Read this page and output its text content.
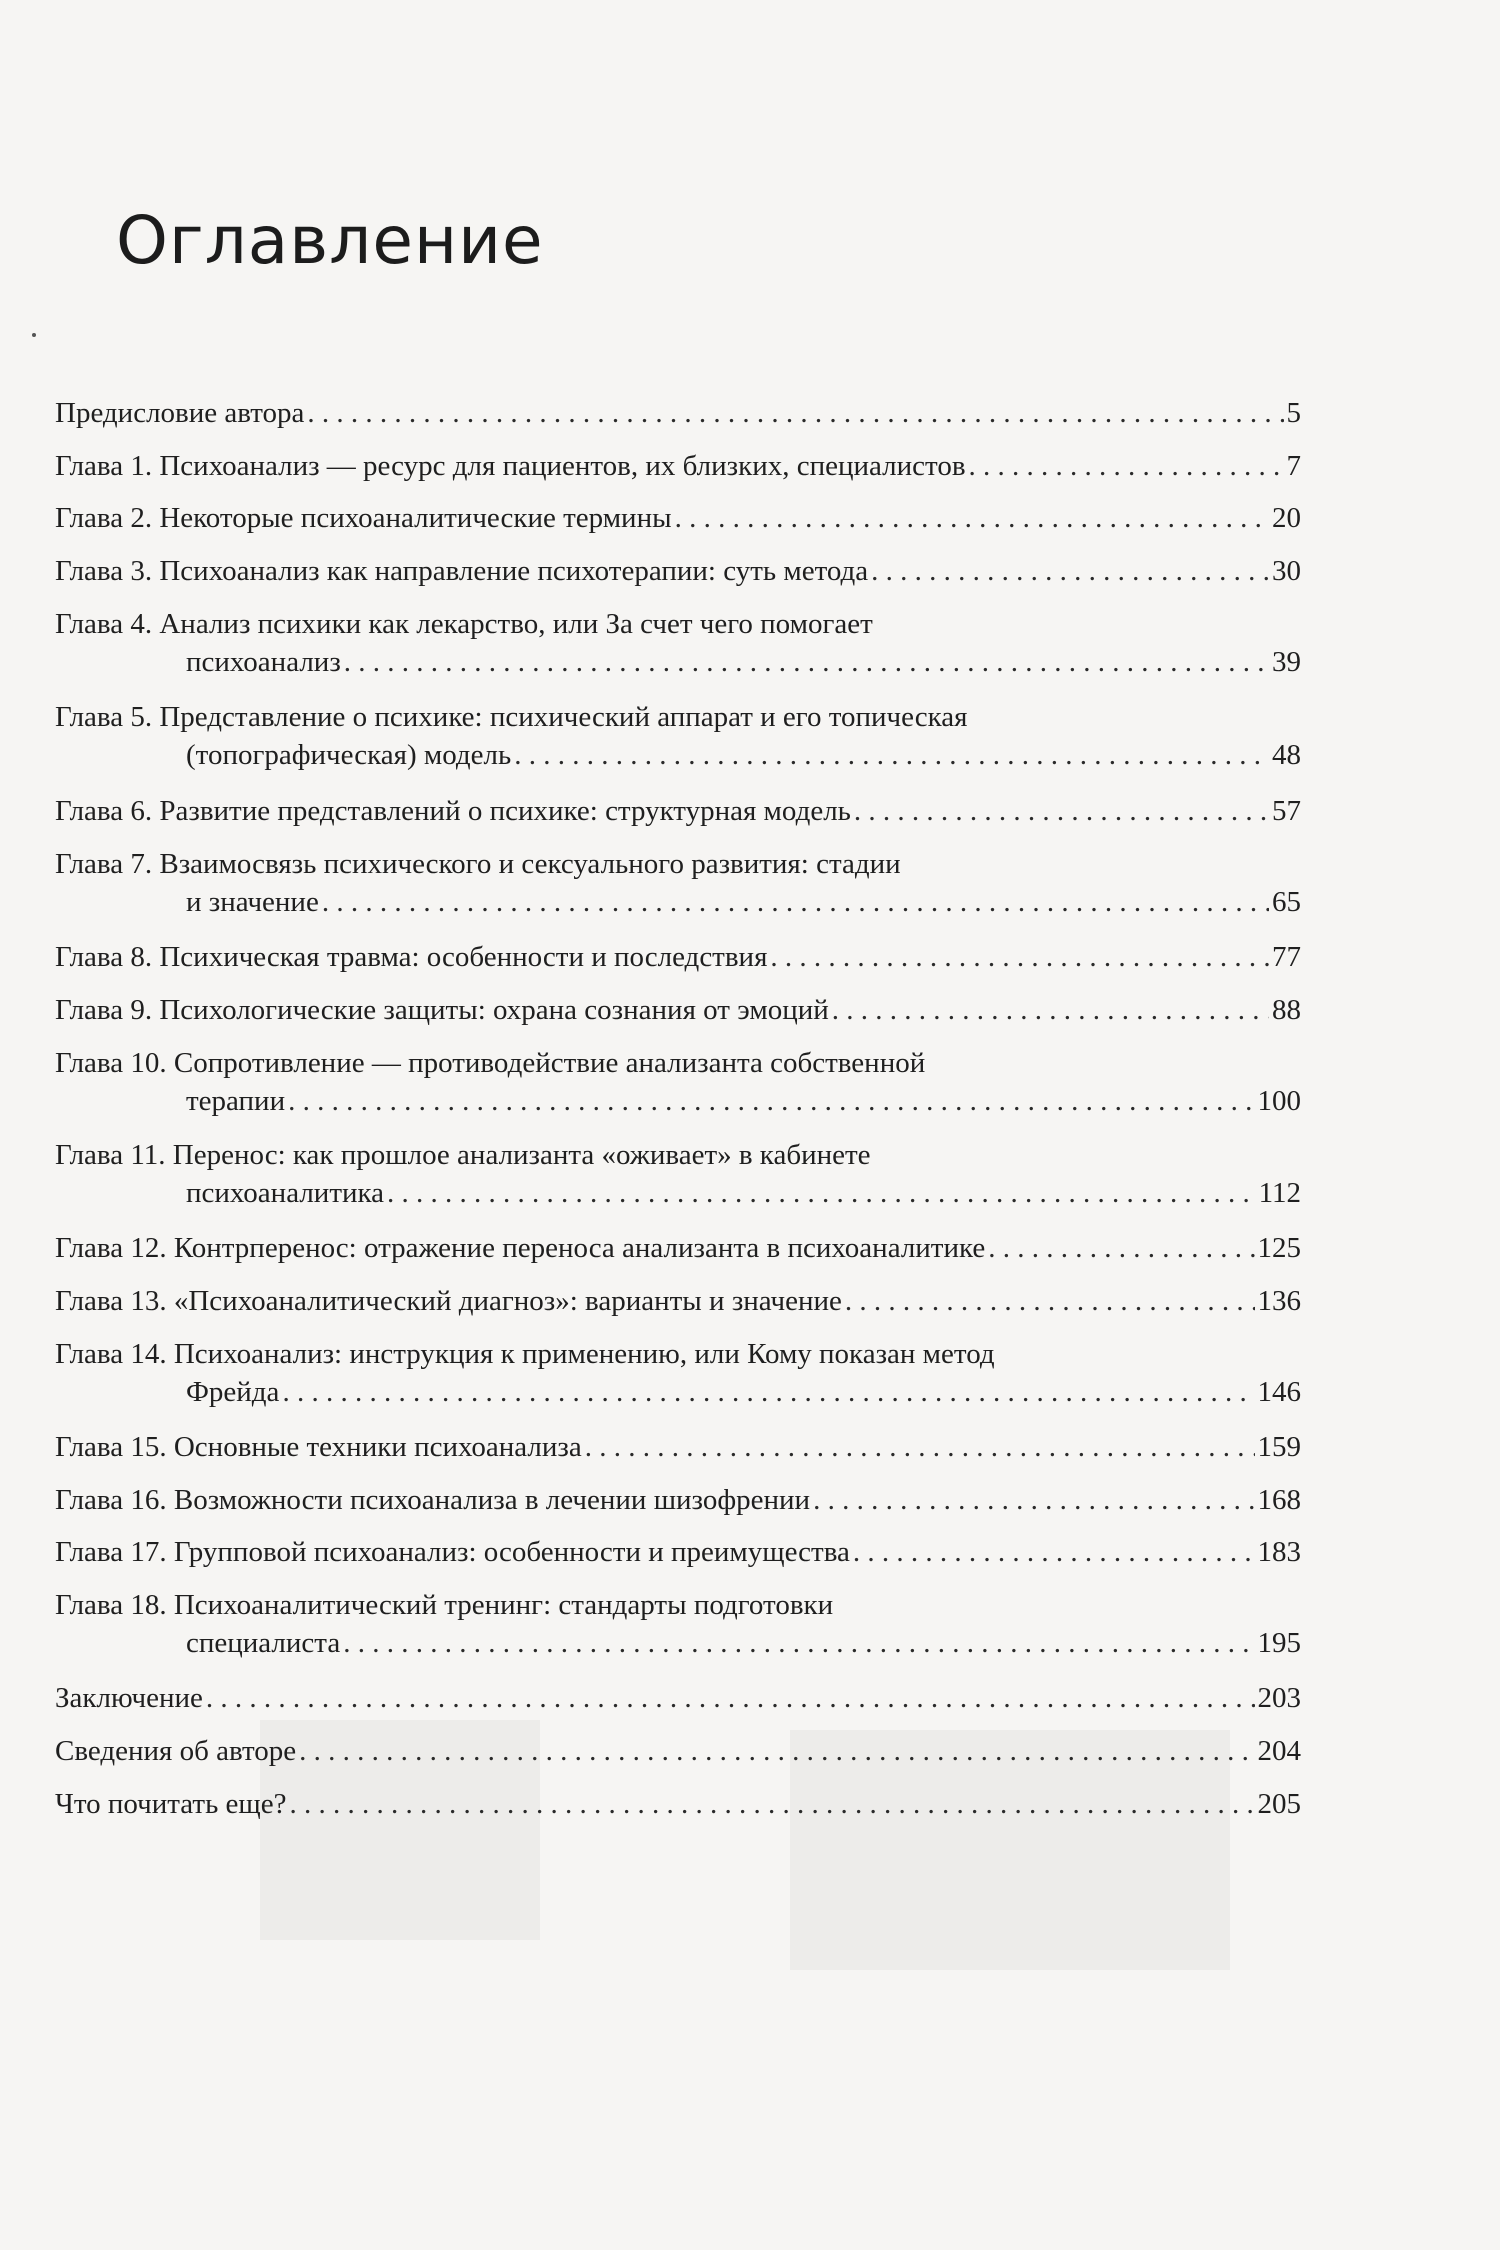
Оглавление
Предисловие автора . . .	5
Глава 1. Психоанализ — ресурс для пациентов, их близких, специалистов . . .	7
Глава 2. Некоторые психоаналитические термины . . .	20
Глава 3. Психоанализ как направление психотерапии: суть метода . . .	30
Глава 4. Анализ психики как лекарство, или За счет чего помогает
психоанализ . . .	39
Глава 5. Представление о психике: психический аппарат и его топическая
(топографическая) модель . . .	48
Глава 6. Развитие представлений о психике: структурная модель . . .	57
Глава 7. Взаимосвязь психического и сексуального развития: стадии
и значение . . .	65
Глава 8. Психическая травма: особенности и последствия . . .	77
Глава 9. Психологические защиты: охрана сознания от эмоций . . .	88
Глава 10. Сопротивление — противодействие анализанта собственной
терапии . . .	100
Глава 11. Перенос: как прошлое анализанта «оживает» в кабинете
психоаналитика . . .	112
Глава 12. Контрперенос: отражение переноса анализанта в психоаналитике . . .	125
Глава 13. «Психоаналитический диагноз»: варианты и значение . . .	136
Глава 14. Психоанализ: инструкция к применению, или Кому показан метод
Фрейда . . .	146
Глава 15. Основные техники психоанализа . . .	159
Глава 16. Возможности психоанализа в лечении шизофрении . . .	168
Глава 17. Групповой психоанализ: особенности и преимущества . . .	183
Глава 18. Психоаналитический тренинг: стандарты подготовки
специалиста . . .	195
Заключение . . .	203
Сведения об авторе . . .	204
Что почитать еще? . . .	205
